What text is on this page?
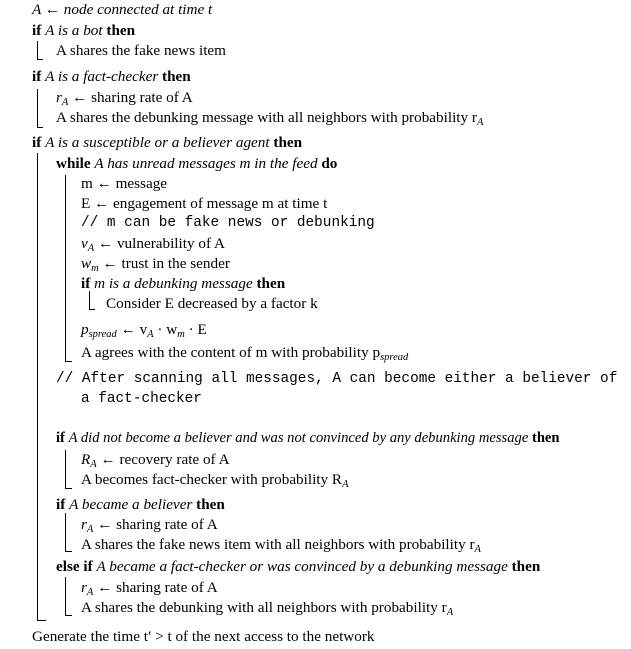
A ← node connected at time t
if A is a bot then
A shares the fake news item
if A is a fact-checker then
$r_A$ ← sharing rate of A
A shares the debunking message with all neighbors with probability $r_A$
if A is a susceptible or a believer agent then
while A has unread messages m in the feed do
m ← message
E ← engagement of message m at time t
// m can be fake news or debunking
$v_A$ ← vulnerability of A
$w_m$ ← trust in the sender
if m is a debunking message then
Consider E decreased by a factor k
$p_{spread}$ ← $v_A \cdot w_m \cdot E$
A agrees with the content of m with probability $p_{spread}$
// After scanning all messages, A can become either a believer of
a fact-checker
if A did not become a believer and was not convinced by any debunking message then
$R_A$ ← recovery rate of A
A becomes fact-checker with probability $R_A$
if A became a believer then
$r_A$ ← sharing rate of A
A shares the fake news item with all neighbors with probability $r_A$
else if A became a fact-checker or was convinced by a debunking message then
$r_A$ ← sharing rate of A
A shares the debunking with all neighbors with probability $r_A$
Generate the time t′ > t of the next access to the network
